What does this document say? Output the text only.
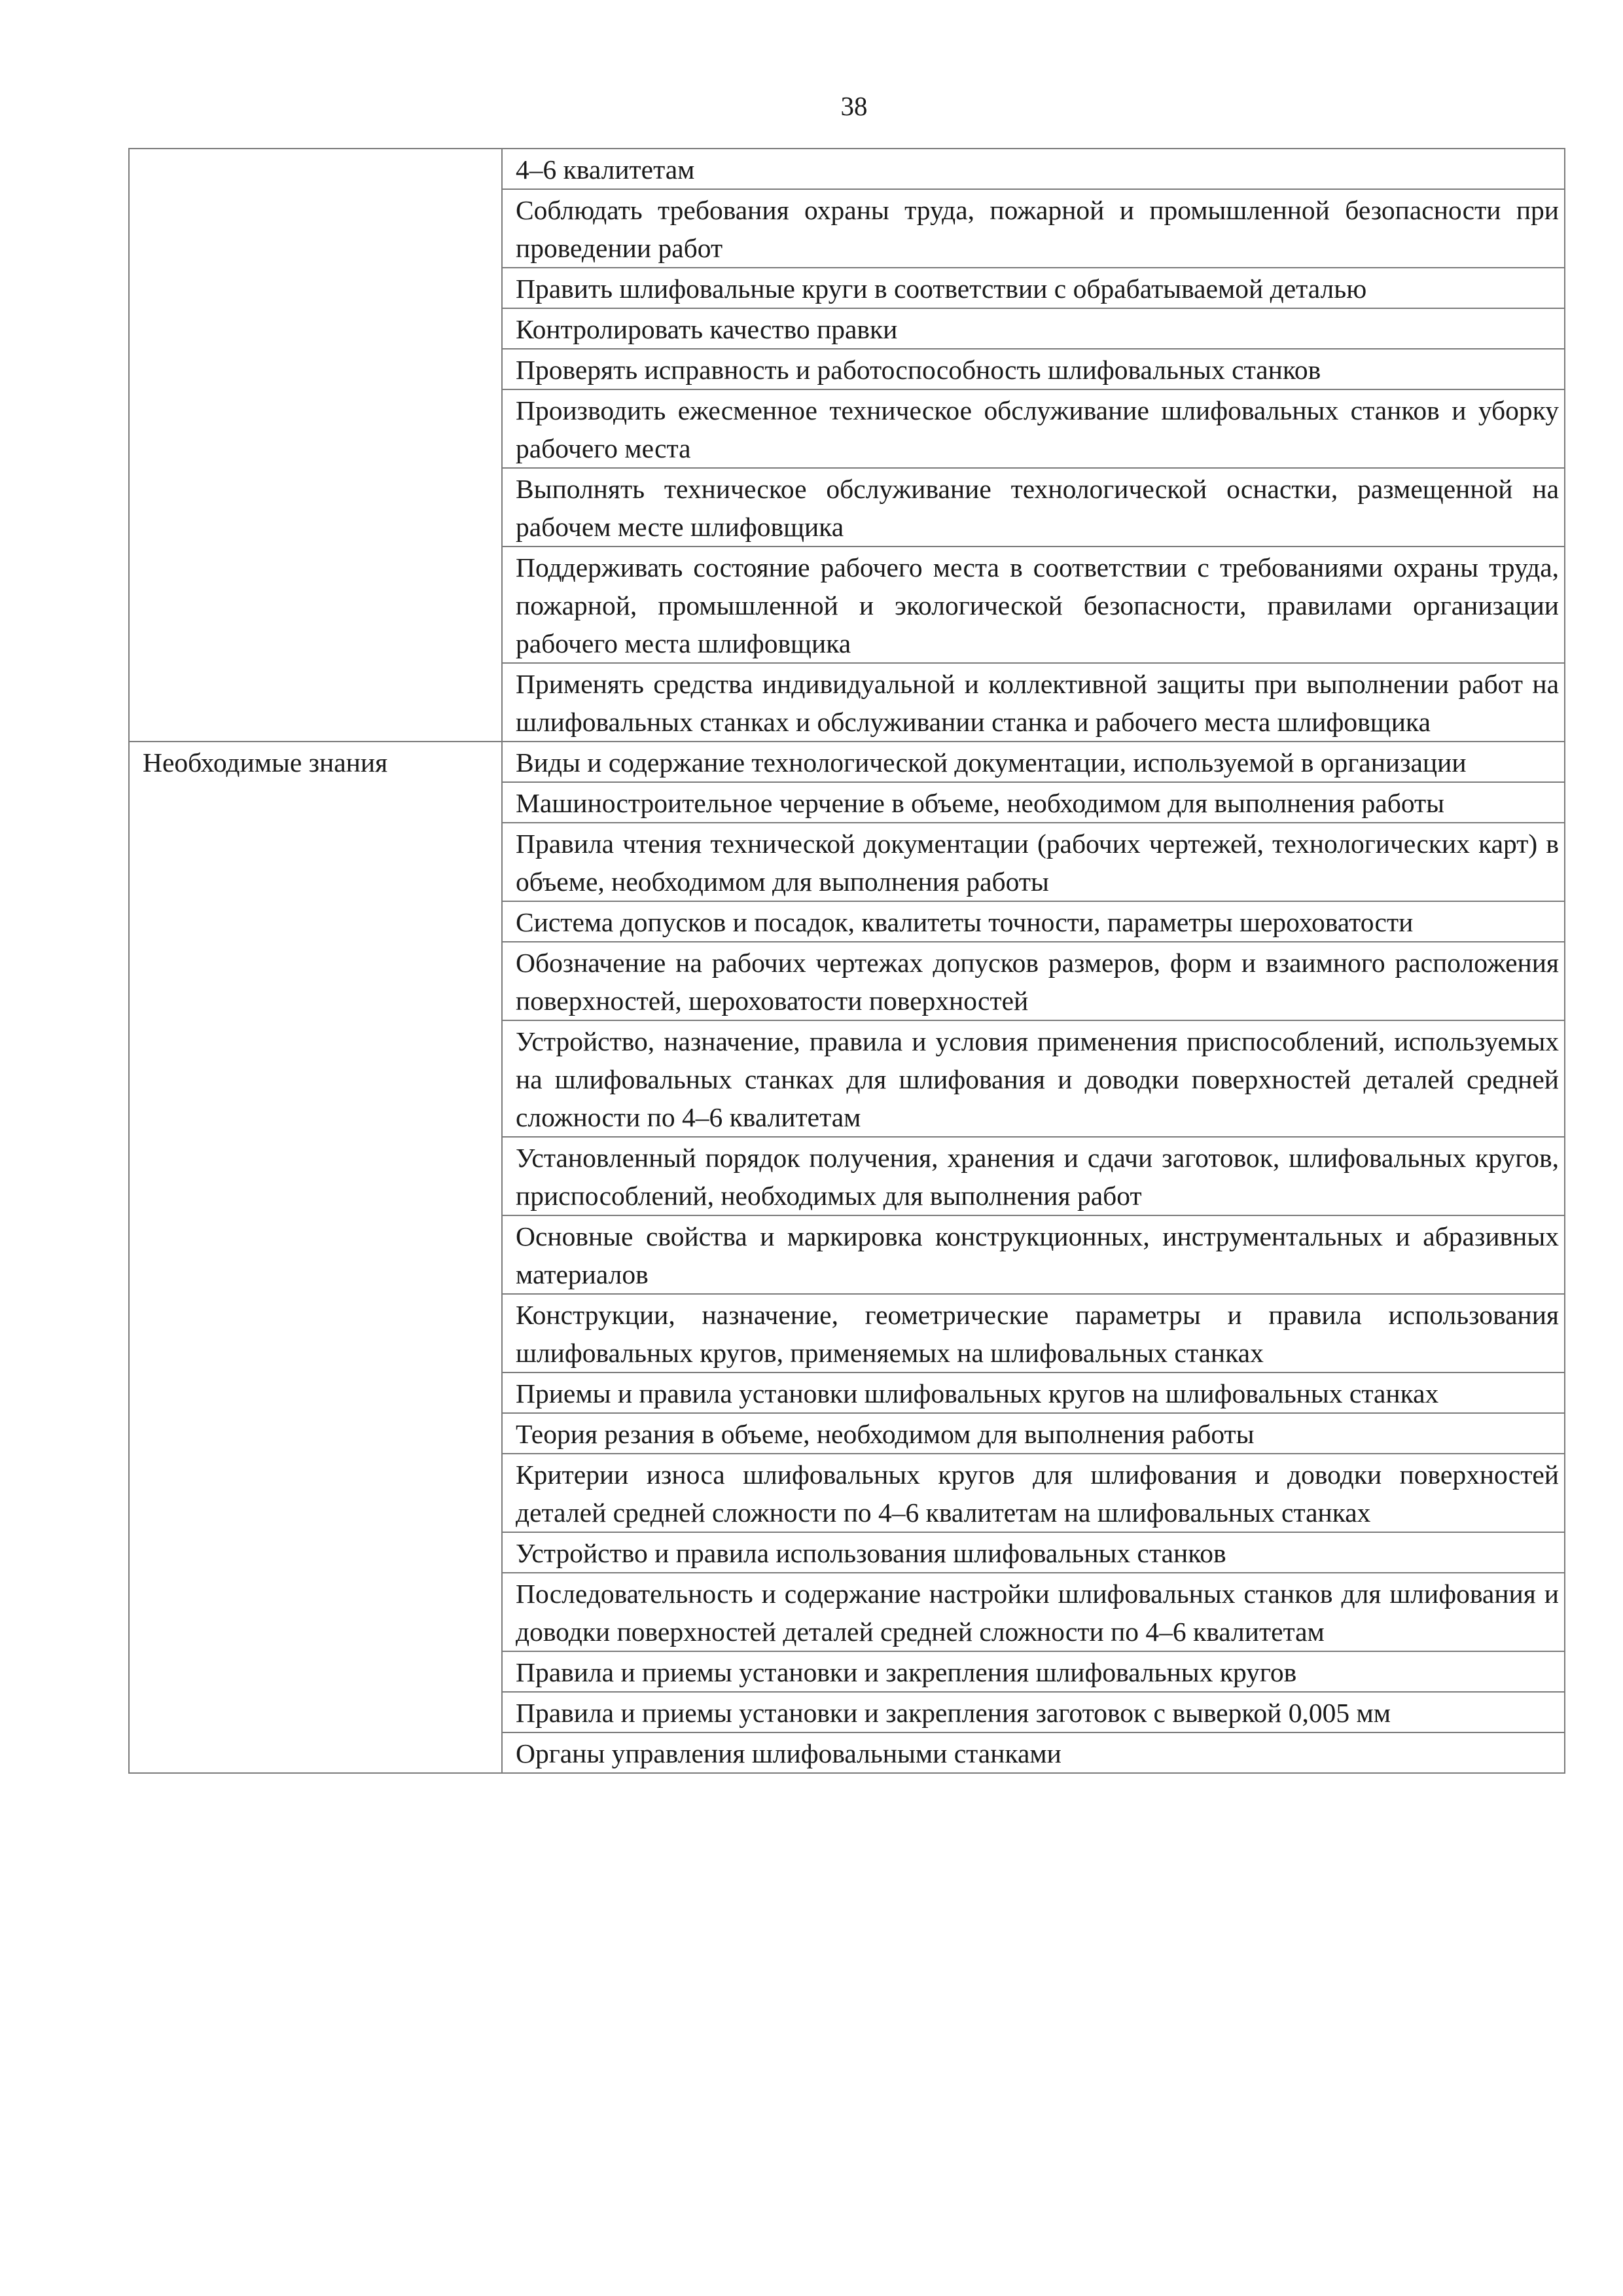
38
	4–6 квалитетам
	Соблюдать требования охраны труда, пожарной и промышленной безопасности при проведении работ
	Править шлифовальные круги в соответствии с обрабатываемой деталью
	Контролировать качество правки
	Проверять исправность и работоспособность шлифовальных станков
	Производить ежесменное техническое обслуживание шлифовальных станков и уборку рабочего места
	Выполнять техническое обслуживание технологической оснастки, размещенной на рабочем месте шлифовщика
	Поддерживать состояние рабочего места в соответствии с требованиями охраны труда, пожарной, промышленной и экологической безопасности, правилами организации рабочего места шлифовщика
	Применять средства индивидуальной и коллективной защиты при выполнении работ на шлифовальных станках и обслуживании станка и рабочего места шлифовщика
Необходимые знания	Виды и содержание технологической документации, используемой в организации
	Машиностроительное черчение в объеме, необходимом для выполнения работы
	Правила чтения технической документации (рабочих чертежей, технологических карт) в объеме, необходимом для выполнения работы
	Система допусков и посадок, квалитеты точности, параметры шероховатости
	Обозначение на рабочих чертежах допусков размеров, форм и взаимного расположения поверхностей, шероховатости поверхностей
	Устройство, назначение, правила и условия применения приспособлений, используемых на шлифовальных станках для шлифования и доводки поверхностей деталей средней сложности по 4–6 квалитетам
	Установленный порядок получения, хранения и сдачи заготовок, шлифовальных кругов, приспособлений, необходимых для выполнения работ
	Основные свойства и маркировка конструкционных, инструментальных и абразивных материалов
	Конструкции, назначение, геометрические параметры и правила использования шлифовальных кругов, применяемых на шлифовальных станках
	Приемы и правила установки шлифовальных кругов на шлифовальных станках
	Теория резания в объеме, необходимом для выполнения работы
	Критерии износа шлифовальных кругов для шлифования и доводки поверхностей деталей средней сложности по 4–6 квалитетам на шлифовальных станках
	Устройство и правила использования шлифовальных станков
	Последовательность и содержание настройки шлифовальных станков для шлифования и доводки поверхностей деталей средней сложности по 4–6 квалитетам
	Правила и приемы установки и закрепления шлифовальных кругов
	Правила и приемы установки и закрепления заготовок с выверкой 0,005 мм
	Органы управления шлифовальными станками
